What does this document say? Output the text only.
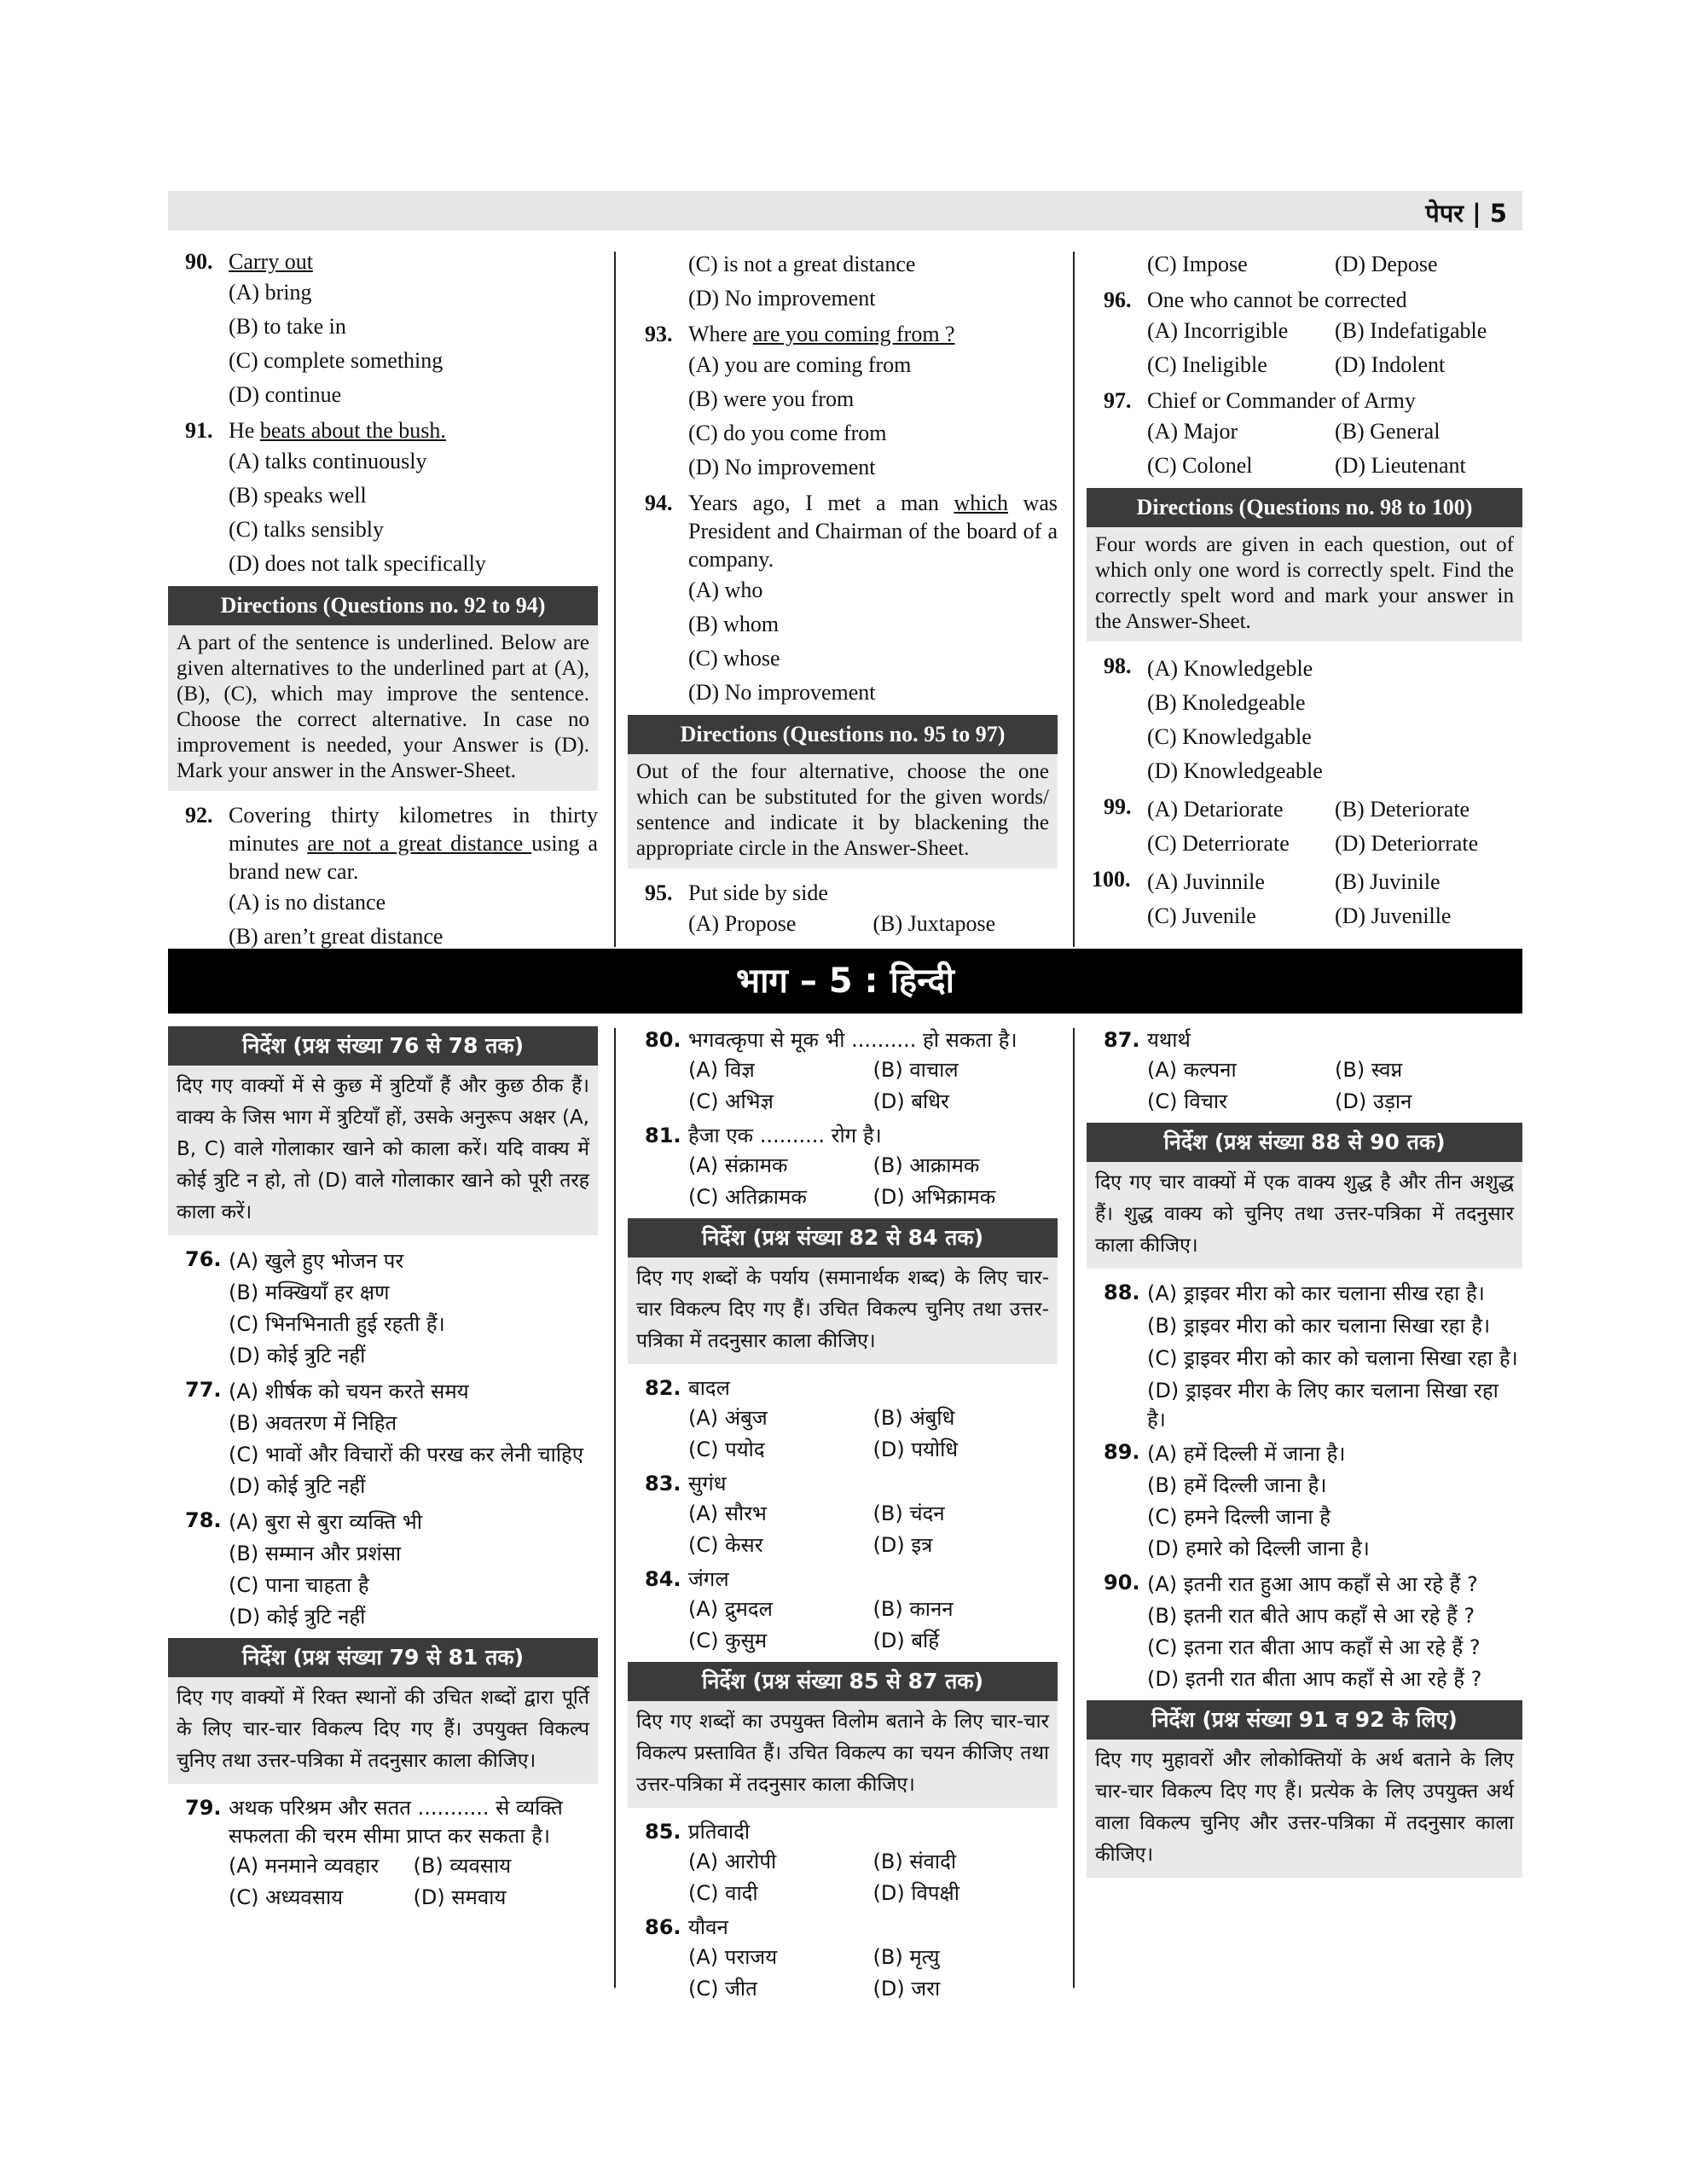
पेपर | 5
90. Carry out
(A) bring
(B) to take in
(C) complete something
(D) continue
91. He beats about the bush.
(A) talks continuously
(B) speaks well
(C) talks sensibly
(D) does not talk specifically
Directions (Questions no. 92 to 94)
A part of the sentence is underlined. Below are given alternatives to the underlined part at (A), (B), (C), which may improve the sentence. Choose the correct alternative. In case no improvement is needed, your Answer is (D). Mark your answer in the Answer-Sheet.
92. Covering thirty kilometres in thirty minutes are not a great distance using a brand new car.
(A) is no distance
(B) aren’t great distance
(C) is not a great distance
(D) No improvement
93. Where are you coming from ?
(A) you are coming from
(B) were you from
(C) do you come from
(D) No improvement
94. Years ago, I met a man which was President and Chairman of the board of a company.
(A) who
(B) whom
(C) whose
(D) No improvement
Directions (Questions no. 95 to 97)
Out of the four alternative, choose the one which can be substituted for the given words/ sentence and indicate it by blackening the appropriate circle in the Answer-Sheet.
95. Put side by side
(A) Propose	(B) Juxtapose
(C) Impose	(D) Depose
96. One who cannot be corrected
(A) Incorrigible	(B) Indefatigable
(C) Ineligible	(D) Indolent
97. Chief or Commander of Army
(A) Major	(B) General
(C) Colonel	(D) Lieutenant
Directions (Questions no. 98 to 100)
Four words are given in each question, out of which only one word is correctly spelt. Find the correctly spelt word and mark your answer in the Answer-Sheet.
98. (A) Knowledgeble
(B) Knoledgeable
(C) Knowledgable
(D) Knowledgeable
99. (A) Detariorate	(B) Deteriorate
(C) Deterriorate	(D) Deteriorrate
100. (A) Juvinnile	(B) Juvinile
(C) Juvenile	(D) Juvenille
भाग – 5 : हिन्दी
निर्देश (प्रश्न संख्या 76 से 78 तक)
दिए गए वाक्यों में से कुछ में त्रुटियाँ हैं और कुछ ठीक हैं। वाक्य के जिस भाग में त्रुटियाँ हों, उसके अनुरूप अक्षर (A, B, C) वाले गोलाकार खाने को काला करें। यदि वाक्य में कोई त्रुटि न हो, तो (D) वाले गोलाकार खाने को पूरी तरह काला करें।
76. (A) खुले हुए भोजन पर
(B) मक्खियाँ हर क्षण
(C) भिनभिनाती हुई रहती हैं।
(D) कोई त्रुटि नहीं
77. (A) शीर्षक को चयन करते समय
(B) अवतरण में निहित
(C) भावों और विचारों की परख कर लेनी चाहिए
(D) कोई त्रुटि नहीं
78. (A) बुरा से बुरा व्यक्ति भी
(B) सम्मान और प्रशंसा
(C) पाना चाहता है
(D) कोई त्रुटि नहीं
निर्देश (प्रश्न संख्या 79 से 81 तक)
दिए गए वाक्यों में रिक्त स्थानों की उचित शब्दों द्वारा पूर्ति के लिए चार-चार विकल्प दिए गए हैं। उपयुक्त विकल्प चुनिए तथा उत्तर-पत्रिका में तदनुसार काला कीजिए।
79. अथक परिश्रम और सतत ........... से व्यक्ति सफलता की चरम सीमा प्राप्त कर सकता है।
(A) मनमाने व्यवहार	(B) व्यवसाय
(C) अध्यवसाय	(D) समवाय
80. भगवत्कृपा से मूक भी .......... हो सकता है।
(A) विज्ञ	(B) वाचाल
(C) अभिज्ञ	(D) बधिर
81. हैजा एक .......... रोग है।
(A) संक्रामक	(B) आक्रामक
(C) अतिक्रामक	(D) अभिक्रामक
निर्देश (प्रश्न संख्या 82 से 84 तक)
दिए गए शब्दों के पर्याय (समानार्थक शब्द) के लिए चार-चार विकल्प दिए गए हैं। उचित विकल्प चुनिए तथा उत्तर-पत्रिका में तदनुसार काला कीजिए।
82. बादल
(A) अंबुज	(B) अंबुधि
(C) पयोद	(D) पयोधि
83. सुगंध
(A) सौरभ	(B) चंदन
(C) केसर	(D) इत्र
84. जंगल
(A) द्रुमदल	(B) कानन
(C) कुसुम	(D) बर्हि
निर्देश (प्रश्न संख्या 85 से 87 तक)
दिए गए शब्दों का उपयुक्त विलोम बताने के लिए चार-चार विकल्प प्रस्तावित हैं। उचित विकल्प का चयन कीजिए तथा उत्तर-पत्रिका में तदनुसार काला कीजिए।
85. प्रतिवादी
(A) आरोपी	(B) संवादी
(C) वादी	(D) विपक्षी
86. यौवन
(A) पराजय	(B) मृत्यु
(C) जीत	(D) जरा
87. यथार्थ
(A) कल्पना	(B) स्वप्न
(C) विचार	(D) उड़ान
निर्देश (प्रश्न संख्या 88 से 90 तक)
दिए गए चार वाक्यों में एक वाक्य शुद्ध है और तीन अशुद्ध हैं। शुद्ध वाक्य को चुनिए तथा उत्तर-पत्रिका में तदनुसार काला कीजिए।
88. (A) ड्राइवर मीरा को कार चलाना सीख रहा है।
(B) ड्राइवर मीरा को कार चलाना सिखा रहा है।
(C) ड्राइवर मीरा को कार को चलाना सिखा रहा है।
(D) ड्राइवर मीरा के लिए कार चलाना सिखा रहा है।
89. (A) हमें दिल्ली में जाना है।
(B) हमें दिल्ली जाना है।
(C) हमने दिल्ली जाना है
(D) हमारे को दिल्ली जाना है।
90. (A) इतनी रात हुआ आप कहाँ से आ रहे हैं ?
(B) इतनी रात बीते आप कहाँ से आ रहे हैं ?
(C) इतना रात बीता आप कहाँ से आ रहे हैं ?
(D) इतनी रात बीता आप कहाँ से आ रहे हैं ?
निर्देश (प्रश्न संख्या 91 व 92 के लिए)
दिए गए मुहावरों और लोकोक्तियों के अर्थ बताने के लिए चार-चार विकल्प दिए गए हैं। प्रत्येक के लिए उपयुक्त अर्थ वाला विकल्प चुनिए और उत्तर-पत्रिका में तदनुसार काला कीजिए।
